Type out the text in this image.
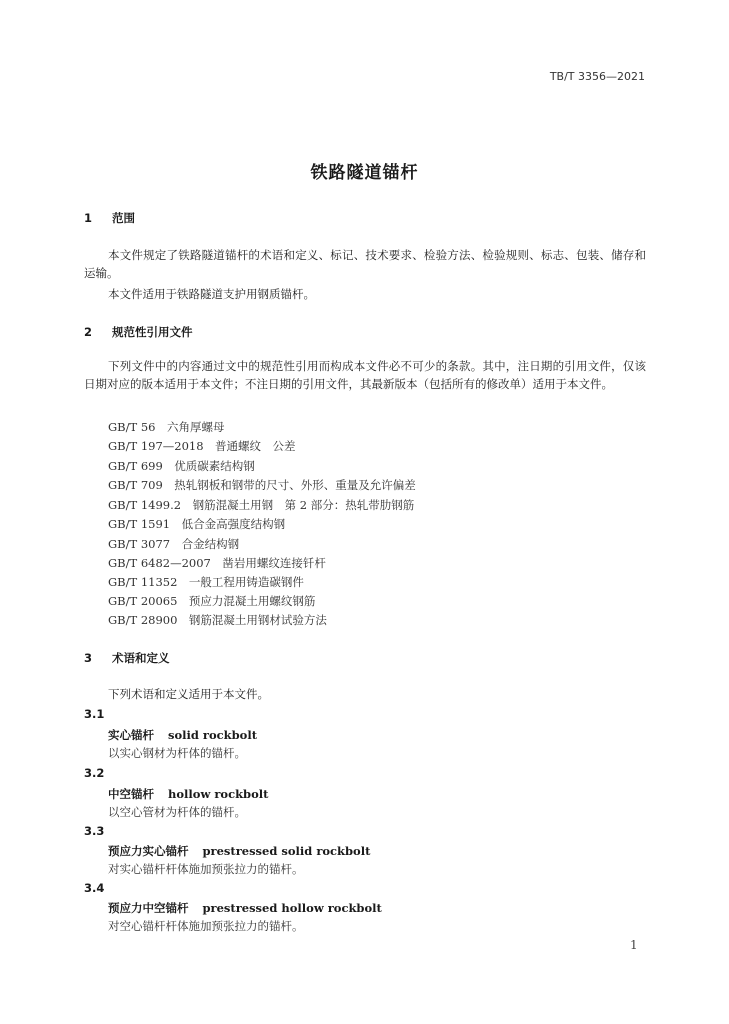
TB/T 3356—2021
铁路隧道锚杆
1 范围
本文件规定了铁路隧道锚杆的术语和定义、标记、技术要求、检验方法、检验规则、标志、包装、储存和运输。
本文件适用于铁路隧道支护用钢质锚杆。
2 规范性引用文件
下列文件中的内容通过文中的规范性引用而构成本文件必不可少的条款。其中，注日期的引用文件，仅该日期对应的版本适用于本文件；不注日期的引用文件，其最新版本（包括所有的修改单）适用于本文件。
GB/T 56　六角厚螺母
GB/T 197—2018　普通螺纹　公差
GB/T 699　优质碳素结构钢
GB/T 709　热轧钢板和钢带的尺寸、外形、重量及允许偏差
GB/T 1499.2　钢筋混凝土用钢　第 2 部分：热轧带肋钢筋
GB/T 1591　低合金高强度结构钢
GB/T 3077　合金结构钢
GB/T 6482—2007　凿岩用螺纹连接钎杆
GB/T 11352　一般工程用铸造碳钢件
GB/T 20065　预应力混凝土用螺纹钢筋
GB/T 28900　钢筋混凝土用钢材试验方法
3 术语和定义
下列术语和定义适用于本文件。
3.1
实心锚杆 solid rockbolt
以实心钢材为杆体的锚杆。
3.2
中空锚杆 hollow rockbolt
以空心管材为杆体的锚杆。
3.3
预应力实心锚杆 prestressed solid rockbolt
对实心锚杆杆体施加预张拉力的锚杆。
3.4
预应力中空锚杆 prestressed hollow rockbolt
对空心锚杆杆体施加预张拉力的锚杆。
1
